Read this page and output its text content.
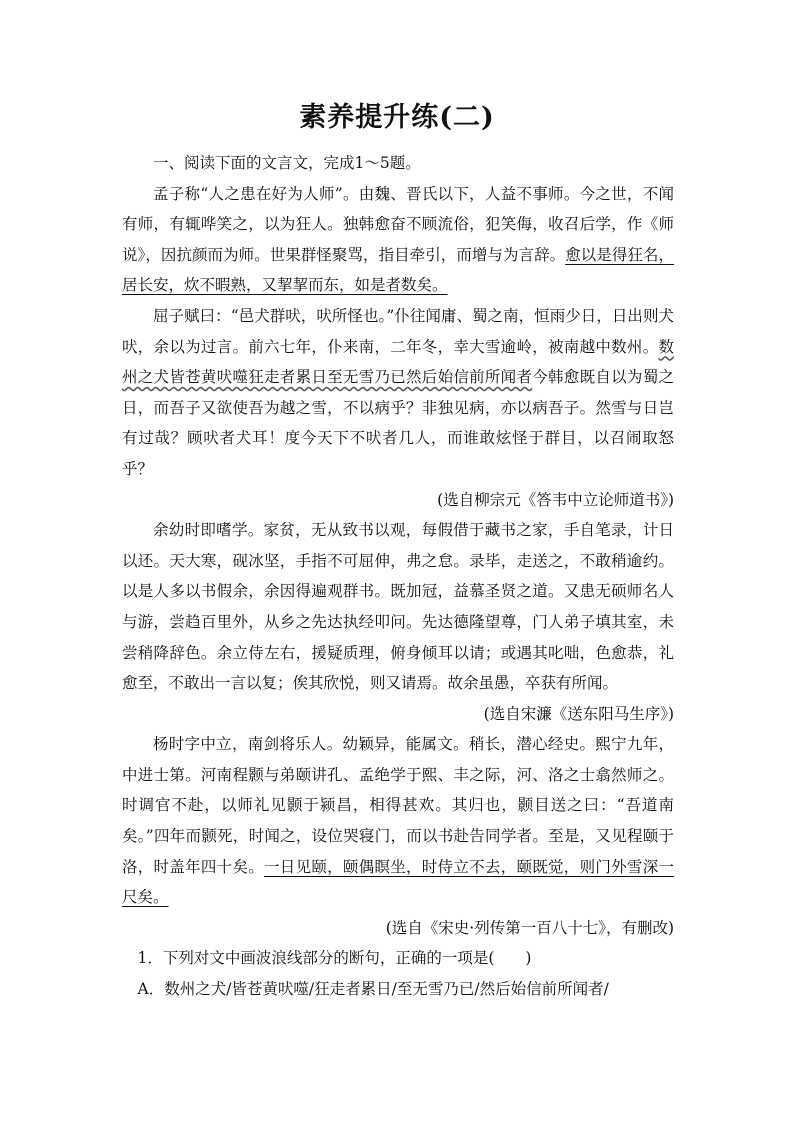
素养提升练(二)

一、阅读下面的文言文，完成1～5题。

孟子称“人之患在好为人师”。由魏、晋氏以下，人益不事师。今之世，不闻有师，有辄哗笑之，以为狂人。独韩愈奋不顾流俗，犯笑侮，收召后学，作《师说》，因抗颜而为师。世果群怪聚骂，指目牵引，而增与为言辞。愈以是得狂名，居长安，炊不暇熟，又挈挈而东，如是者数矣。

屈子赋曰：“邑犬群吠，吠所怪也。”仆往闻庸、蜀之南，恒雨少日，日出则犬吠，余以为过言。前六七年，仆来南，二年冬，幸大雪逾岭，被南越中数州。数州之犬皆苍黄吠噬狂走者累日至无雪乃已然后始信前所闻者今韩愈既自以为蜀之日，而吾子又欲使吾为越之雪，不以病乎？非独见病，亦以病吾子。然雪与日岂有过哉？顾吠者犬耳！度今天下不吠者几人，而谁敢炫怪于群目，以召闹取怒乎？

(选自柳宗元《答韦中立论师道书》)

余幼时即嗜学。家贫，无从致书以观，每假借于藏书之家，手自笔录，计日以还。天大寒，砚冰坚，手指不可屈伸，弗之怠。录毕，走送之，不敢稍逾约。以是人多以书假余，余因得遍观群书。既加冠，益慕圣贤之道。又患无硕师名人与游，尝趋百里外，从乡之先达执经叩问。先达德隆望尊，门人弟子填其室，未尝稍降辞色。余立侍左右，援疑质理，俯身倾耳以请；或遇其叱咄，色愈恭，礼愈至，不敢出一言以复；俟其欣悦，则又请焉。故余虽愚，卒获有所闻。

(选自宋濂《送东阳马生序》)

杨时字中立，南剑将乐人。幼颖异，能属文。稍长，潜心经史。熙宁九年，中进士第。河南程颢与弟颐讲孔、孟绝学于熙、丰之际，河、洛之士翕然师之。时调官不赴，以师礼见颢于颍昌，相得甚欢。其归也，颢目送之曰：“吾道南矣。”四年而颢死，时闻之，设位哭寝门，而以书赴告同学者。至是，又见程颐于洛，时盖年四十矣。一日见颐，颐偶瞑坐，时侍立不去，颐既觉，则门外雪深一尺矣。

(选自《宋史·列传第一百八十七》，有删改)

1．下列对文中画波浪线部分的断句，正确的一项是(　　)

A．数州之犬/皆苍黄吠噬/狂走者累日/至无雪乃已/然后始信前所闻者/
